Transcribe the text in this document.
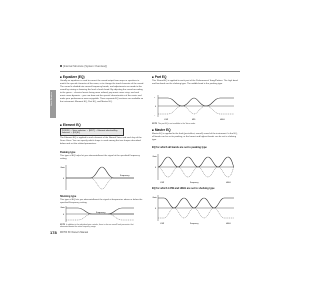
[Internal Structure (System Overview)]
Basic Structure
■ Equalizer (EQ)
Usually an equalizer is used to correct the sound output from amps or speakers to match the special character of the room, or to change the tonal character of the sound. The sound is divided into several frequency bands, and adjustments are made to the sound by raising or lowering the level of each band. By adjusting the sound according to the genre – classical music being more refined, pop music more crisp, and rock music more dynamic – you can draw out the special characteristics of the music and make your performance more enjoyable. Three separate EQ sections are available on the instrument: Element EQ, Part EQ, and Master EQ.
■ Element EQ
[VOICE] → Voice selection → [EDIT] → Element selection/Key selection → [F4] EQ
The Element EQ is applied to each element of the Normal Voice and each key of the Drum Voice. You can specify which shape is used among the two shapes described below and set the related parameters.
Peaking type
This type of EQ helps let you attenuate/boost the signal at the specified Frequency setting.
Gain
0
Frequency
Shelving type
This type of EQ lets you attenuate/boost the signal at frequencies above or below the specified Frequency setting.
Gain
0
Frequency
NOTEIn addition to the individual gain controls, there is also an overall level parameter that attenuates/boosts the entire frequency range.
■ Part EQ
This 3-band EQ is applied to each part of the Performance/ Song/Pattern. The high band and low band are the shelving type. The middle band is the peaking type.
+
0
–
LOW	MID	HIGH
NOTEThe part EQ is not available in the Voice mode.
■ Master EQ
Master EQ is applied to the final (post-effect, overall) sound of the instrument. In the EQ, all bands can be set to peaking, or the lowest and highest bands can be set to shelving type.
EQ for which all bands are set to peaking type
Gain
0
LOW	Frequency	HIGH
EQ for which LOW and HIGH are set to shelving type
Gain
0
LOW	Frequency	HIGH
178 MOTIF XF Owner's Manual
